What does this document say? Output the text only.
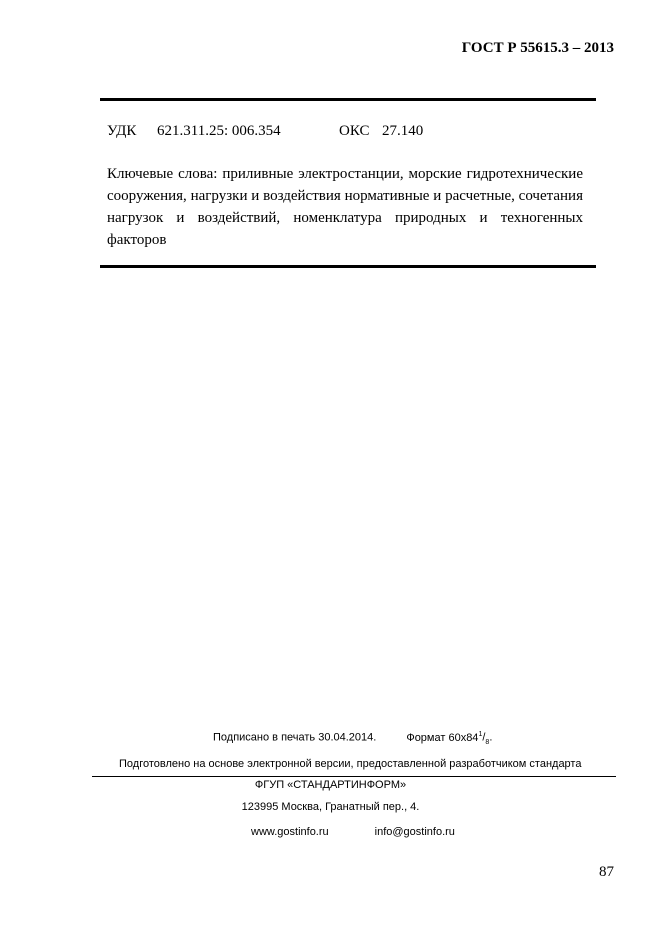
ГОСТ Р 55615.3 – 2013
УДК 621.311.25: 006.354	ОКС 27.140
Ключевые слова: приливные электростанции, морские гидротехнические сооружения, нагрузки и воздействия нормативные и расчетные, сочетания нагрузок и воздействий, номенклатура природных и техногенных факторов
Подписано в печать 30.04.2014.	Формат $60х84^1/_8$.
Подготовлено на основе электронной версии, предоставленной разработчиком стандарта
ФГУП «СТАНДАРТИНФОРМ»
123995 Москва, Гранатный пер., 4.
www.gostinfo.ru	info@gostinfo.ru
87
